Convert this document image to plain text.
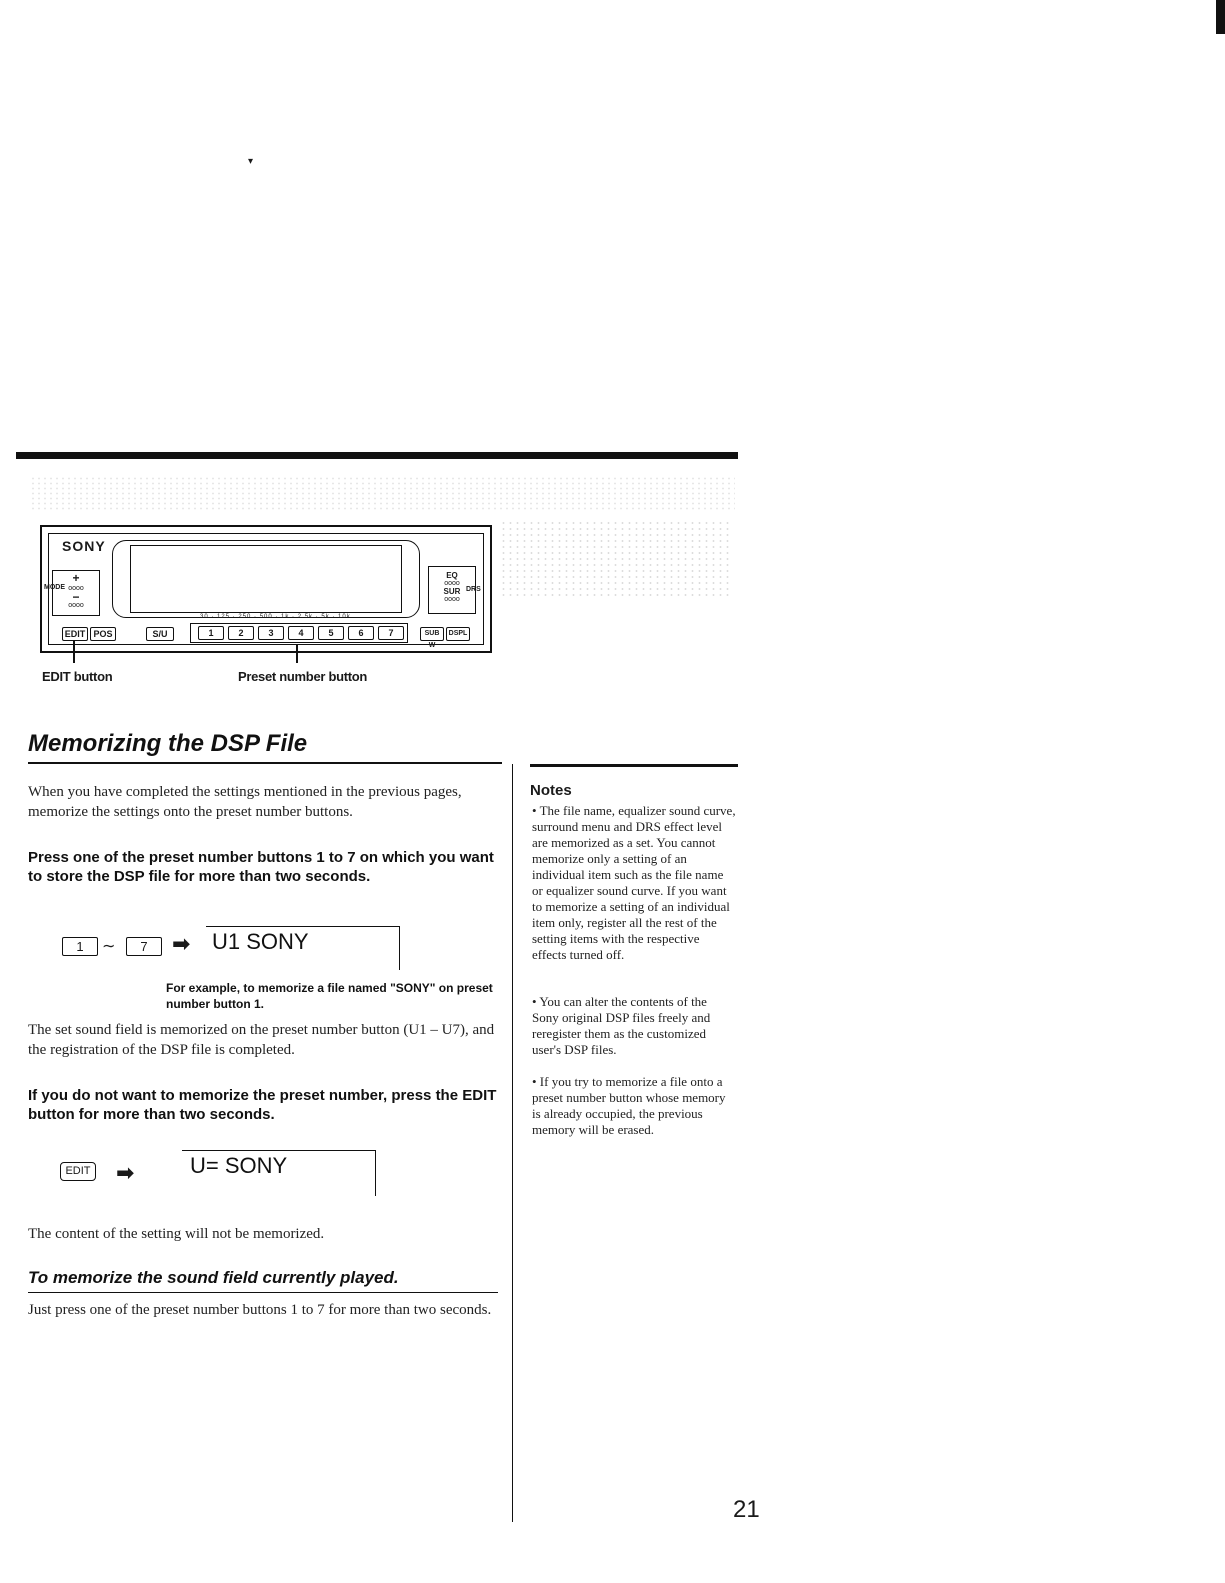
▾
SONY
30 · 125 · 250 · 500 · 1k · 2.5k · 5k · 10k
+
oooo
−
oooo
MODE
EQ
oooo
SUR
oooo
DRS
EDIT POS	S/U	1	2	3	4	5	6	7	SUB W
DSPL
EDIT button	Preset number button
Memorizing the DSP File
When you have completed the settings mentioned in the previous pages, memorize the settings onto the preset number buttons.
Press one of the preset number buttons 1 to 7 on which you want to store the DSP file for more than two seconds.
1	∼	7	➡ U1 SONY
For example, to memorize a file named "SONY" on preset number button 1.
The set sound field is memorized on the preset number button (U1 – U7), and the registration of the DSP file is completed.
If you do not want to memorize the preset number, press the EDIT button for more than two seconds.
EDIT ➡	U= SONY
The content of the setting will not be memorized.
To memorize the sound field currently played.
Just press one of the preset number buttons 1 to 7 for more than two seconds.
Notes
• The file name, equalizer sound curve, surround menu and DRS effect level are memorized as a set. You cannot memorize only a setting of an individual item such as the file name or equalizer sound curve. If you want to memorize a setting of an individual item only, register all the rest of the setting items with the respective effects turned off.
• You can alter the contents of the Sony original DSP files freely and reregister them as the customized user's DSP files.
• If you try to memorize a file onto a preset number button whose memory is already occupied, the previous memory will be erased.
21
